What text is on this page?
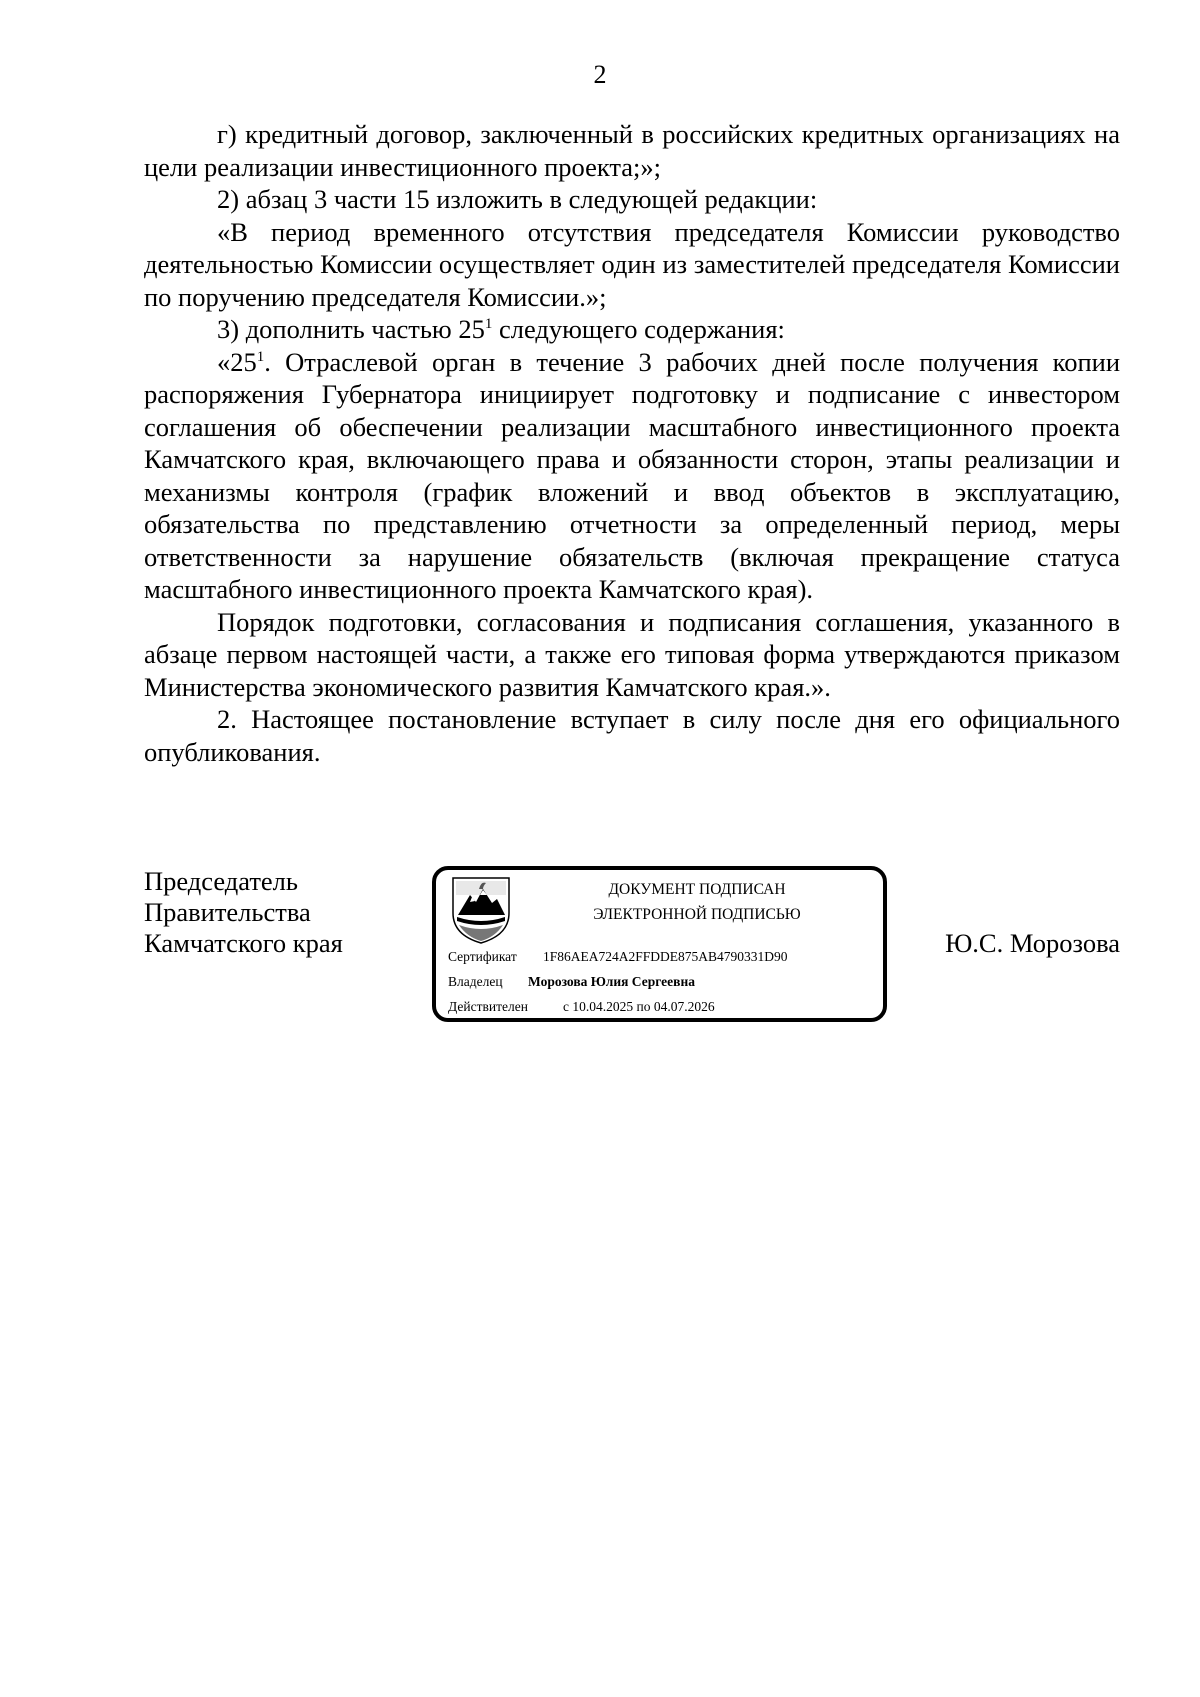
2

г) кредитный договор, заключенный в российских кредитных организациях на цели реализации инвестиционного проекта;»;

2) абзац 3 части 15 изложить в следующей редакции:

«В период временного отсутствия председателя Комиссии руководство деятельностью Комиссии осуществляет один из заместителей председателя Комиссии по поручению председателя Комиссии.»;

3) дополнить частью $25^1$ следующего содержания:

«$25^1$. Отраслевой орган в течение 3 рабочих дней после получения копии распоряжения Губернатора инициирует подготовку и подписание с инвестором соглашения об обеспечении реализации масштабного инвестиционного проекта Камчатского края, включающего права и обязанности сторон, этапы реализации и механизмы контроля (график вложений и ввод объектов в эксплуатацию, обязательства по представлению отчетности за определенный период, меры ответственности за нарушение обязательств (включая прекращение статуса масштабного инвестиционного проекта Камчатского края).

Порядок подготовки, согласования и подписания соглашения, указанного в абзаце первом настоящей части, а также его типовая форма утверждаются приказом Министерства экономического развития Камчатского края.».

2. Настоящее постановление вступает в силу после дня его официального опубликования.

Председатель
Правительства
Камчатского края
ДОКУМЕНТ ПОДПИСАН
ЭЛЕКТРОННОЙ ПОДПИСЬЮ
Сертификат 1F86AEA724A2FFDDE875AB4790331D90
Владелец Морозова Юлия Сергеевна
Действителен	с 10.04.2025 по 04.07.2026
Ю.С. Морозова
